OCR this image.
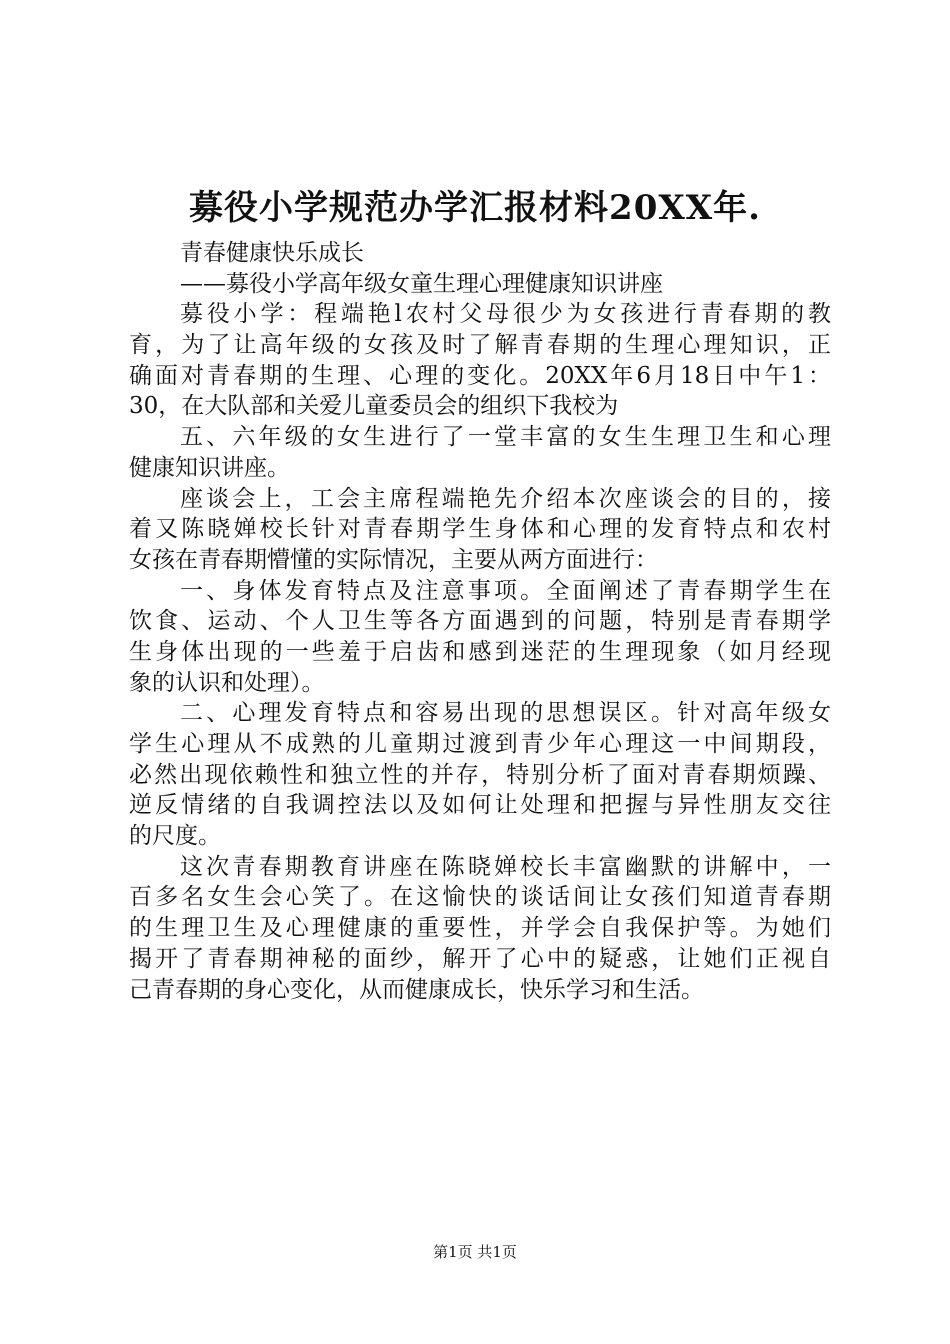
募役小学规范办学汇报材料20XX年.
青春健康快乐成长
——募役小学高年级女童生理心理健康知识讲座
募役小学：程端艳l农村父母很少为女孩进行青春期的教
育，为了让高年级的女孩及时了解青春期的生理心理知识，正
确面对青春期的生理、心理的变化。20XX年6月18日中午1：
30，在大队部和关爱儿童委员会的组织下我校为
五、六年级的女生进行了一堂丰富的女生生理卫生和心理
健康知识讲座。
座谈会上，工会主席程端艳先介绍本次座谈会的目的，接
着又陈晓婵校长针对青春期学生身体和心理的发育特点和农村
女孩在青春期懵懂的实际情况，主要从两方面进行：
一、身体发育特点及注意事项。全面阐述了青春期学生在
饮食、运动、个人卫生等各方面遇到的问题，特别是青春期学
生身体出现的一些羞于启齿和感到迷茫的生理现象（如月经现
象的认识和处理）。
二、心理发育特点和容易出现的思想误区。针对高年级女
学生心理从不成熟的儿童期过渡到青少年心理这一中间期段，
必然出现依赖性和独立性的并存，特别分析了面对青春期烦躁、
逆反情绪的自我调控法以及如何让处理和把握与异性朋友交往
的尺度。
这次青春期教育讲座在陈晓婵校长丰富幽默的讲解中，一
百多名女生会心笑了。在这愉快的谈话间让女孩们知道青春期
的生理卫生及心理健康的重要性，并学会自我保护等。为她们
揭开了青春期神秘的面纱，解开了心中的疑惑，让她们正视自
己青春期的身心变化，从而健康成长，快乐学习和生活。
第1页 共1页
